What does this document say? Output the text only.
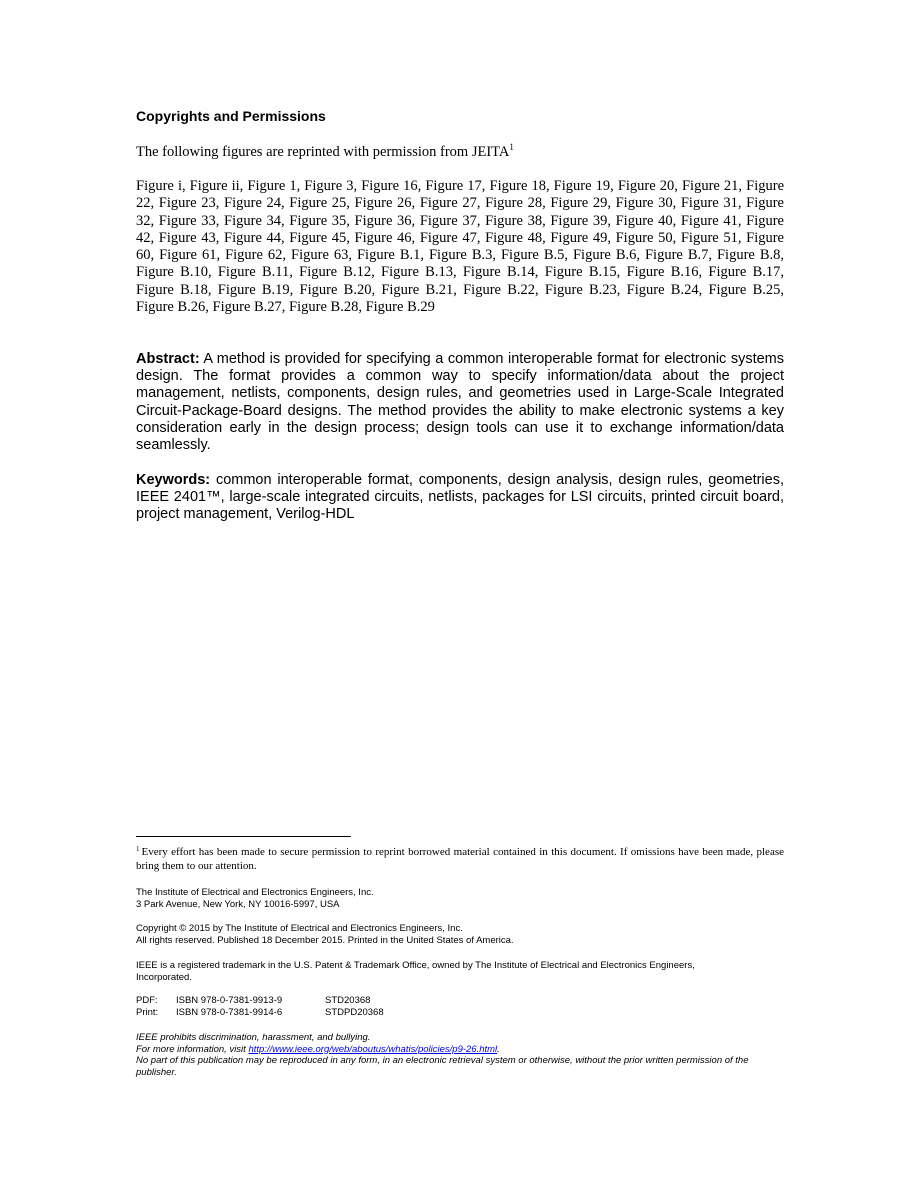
Copyrights and Permissions
The following figures are reprinted with permission from JEITA$^1$
Figure i, Figure ii, Figure 1, Figure 3, Figure 16, Figure 17, Figure 18, Figure 19, Figure 20, Figure 21, Figure 22, Figure 23, Figure 24, Figure 25, Figure 26, Figure 27, Figure 28, Figure 29, Figure 30, Figure 31, Figure 32, Figure 33, Figure 34, Figure 35, Figure 36, Figure 37, Figure 38, Figure 39, Figure 40, Figure 41, Figure 42, Figure 43, Figure 44, Figure 45, Figure 46, Figure 47, Figure 48, Figure 49, Figure 50, Figure 51, Figure 60, Figure 61, Figure 62, Figure 63, Figure B.1, Figure B.3, Figure B.5, Figure B.6, Figure B.7, Figure B.8, Figure B.10, Figure B.11, Figure B.12, Figure B.13, Figure B.14, Figure B.15, Figure B.16, Figure B.17, Figure B.18, Figure B.19, Figure B.20, Figure B.21, Figure B.22, Figure B.23, Figure B.24, Figure B.25, Figure B.26, Figure B.27, Figure B.28, Figure B.29
Abstract: A method is provided for specifying a common interoperable format for electronic systems design. The format provides a common way to specify information/data about the project management, netlists, components, design rules, and geometries used in Large-Scale Integrated Circuit-Package-Board designs. The method provides the ability to make electronic systems a key consideration early in the design process; design tools can use it to exchange information/data seamlessly.
Keywords: common interoperable format, components, design analysis, design rules, geometries, IEEE 2401™, large-scale integrated circuits, netlists, packages for LSI circuits, printed circuit board, project management, Verilog-HDL
$^1$ Every effort has been made to secure permission to reprint borrowed material contained in this document. If omissions have been made, please bring them to our attention.
The Institute of Electrical and Electronics Engineers, Inc.
3 Park Avenue, New York, NY 10016-5997, USA
Copyright © 2015 by The Institute of Electrical and Electronics Engineers, Inc.
All rights reserved. Published 18 December 2015. Printed in the United States of America.
IEEE is a registered trademark in the U.S. Patent & Trademark Office, owned by The Institute of Electrical and Electronics Engineers, Incorporated.
PDF:	ISBN 978-0-7381-9913-9	STD20368
Print:	ISBN 978-0-7381-9914-6	STDPD20368
IEEE prohibits discrimination, harassment, and bullying.
For more information, visit http://www.ieee.org/web/aboutus/whatis/policies/p9-26.html.
No part of this publication may be reproduced in any form, in an electronic retrieval system or otherwise, without the prior written permission of the publisher.
